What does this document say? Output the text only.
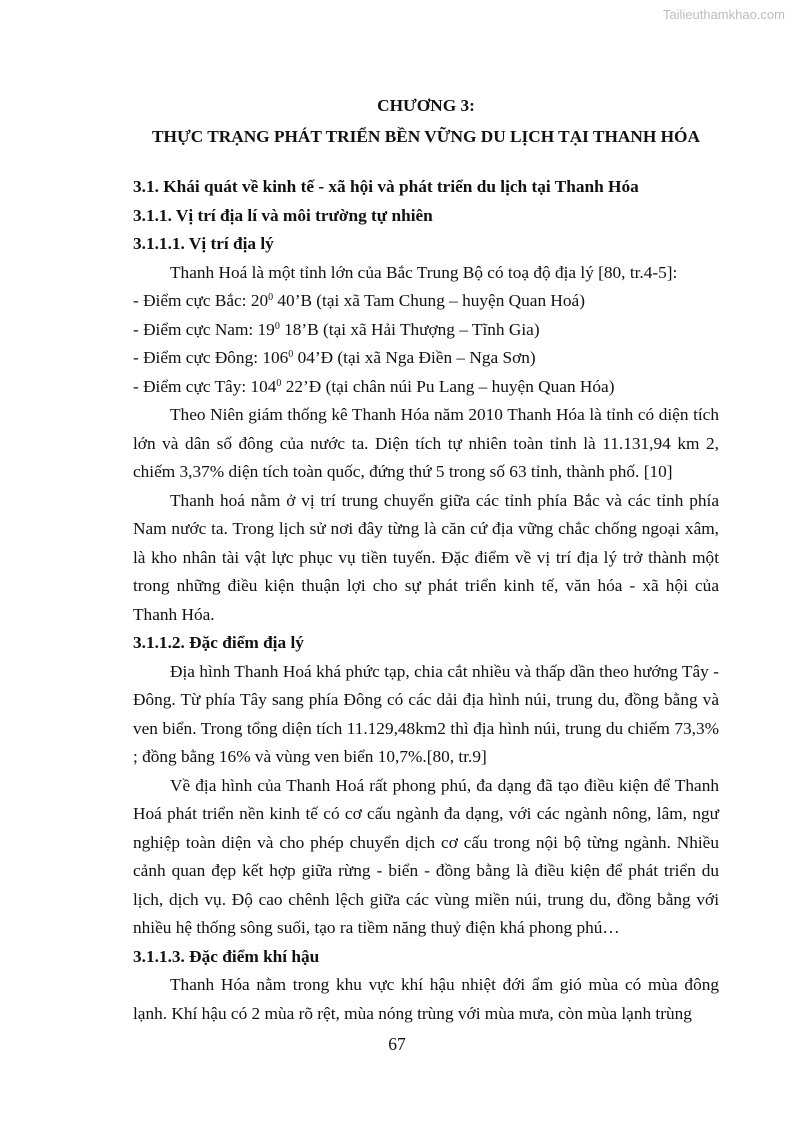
Tailieuthamkhao.com

CHƯƠNG 3:

THỰC TRẠNG PHÁT TRIỂN BỀN VỮNG DU LỊCH TẠI THANH HÓA

3.1. Khái quát về kinh tế - xã hội và phát triển du lịch tại Thanh Hóa

3.1.1. Vị trí địa lí và môi trường tự nhiên

3.1.1.1. Vị trí địa lý

Thanh Hoá là một tỉnh lớn của Bắc Trung Bộ có toạ độ địa lý [80, tr.4-5]:

- Điểm cực Bắc: $20^0$ 40’B (tại xã Tam Chung – huyện Quan Hoá)

- Điểm cực Nam: $19^0$ 18’B (tại xã Hải Thượng – Tĩnh Gia)

- Điểm cực Đông: $106^0$ 04’Đ (tại xã Nga Điền – Nga Sơn)

- Điểm cực Tây: $104^0$ 22’Đ (tại chân núi Pu Lang – huyện Quan Hóa)

Theo Niên giám thống kê Thanh Hóa năm 2010 Thanh Hóa là tỉnh có diện tích lớn và dân số đông của nước ta. Diện tích tự nhiên toàn tỉnh là 11.131,94 km 2, chiếm 3,37% diện tích toàn quốc, đứng thứ 5 trong số 63 tỉnh, thành phố. [10]

Thanh hoá nằm ở vị trí trung chuyển giữa các tỉnh phía Bắc và các tỉnh phía Nam nước ta. Trong lịch sử nơi đây từng là căn cứ địa vững chắc chống ngoại xâm, là kho nhân tài vật lực phục vụ tiền tuyến. Đặc điểm về vị trí địa lý trở thành một trong những điều kiện thuận lợi cho sự phát triển kinh tế, văn hóa - xã hội của Thanh Hóa.

3.1.1.2. Đặc điểm địa lý

Địa hình Thanh Hoá khá phức tạp, chia cắt nhiều và thấp dần theo hướng Tây - Đông. Từ phía Tây sang phía Đông có các dải địa hình núi, trung du, đồng bằng và ven biển. Trong tổng diện tích 11.129,48km2 thì địa hình núi, trung du chiếm 73,3% ; đồng bằng 16% và vùng ven biển 10,7%.[80, tr.9]

Về địa hình của Thanh Hoá rất phong phú, đa dạng đã tạo điều kiện để Thanh Hoá phát triển nền kinh tế có cơ cấu ngành đa dạng, với các ngành nông, lâm, ngư nghiệp toàn diện và cho phép chuyển dịch cơ cấu trong nội bộ từng ngành. Nhiều cảnh quan đẹp kết hợp giữa rừng - biển - đồng bằng là điều kiện để phát triển du lịch, dịch vụ. Độ cao chênh lệch giữa các vùng miền núi, trung du, đồng bằng với nhiều hệ thống sông suối, tạo ra tiềm năng thuỷ điện khá phong phú…

3.1.1.3. Đặc điểm khí hậu

Thanh Hóa nằm trong khu vực khí hậu nhiệt đới ẩm gió mùa có mùa đông lạnh. Khí hậu có 2 mùa rõ rệt, mùa nóng trùng với mùa mưa, còn mùa lạnh trùng

67
